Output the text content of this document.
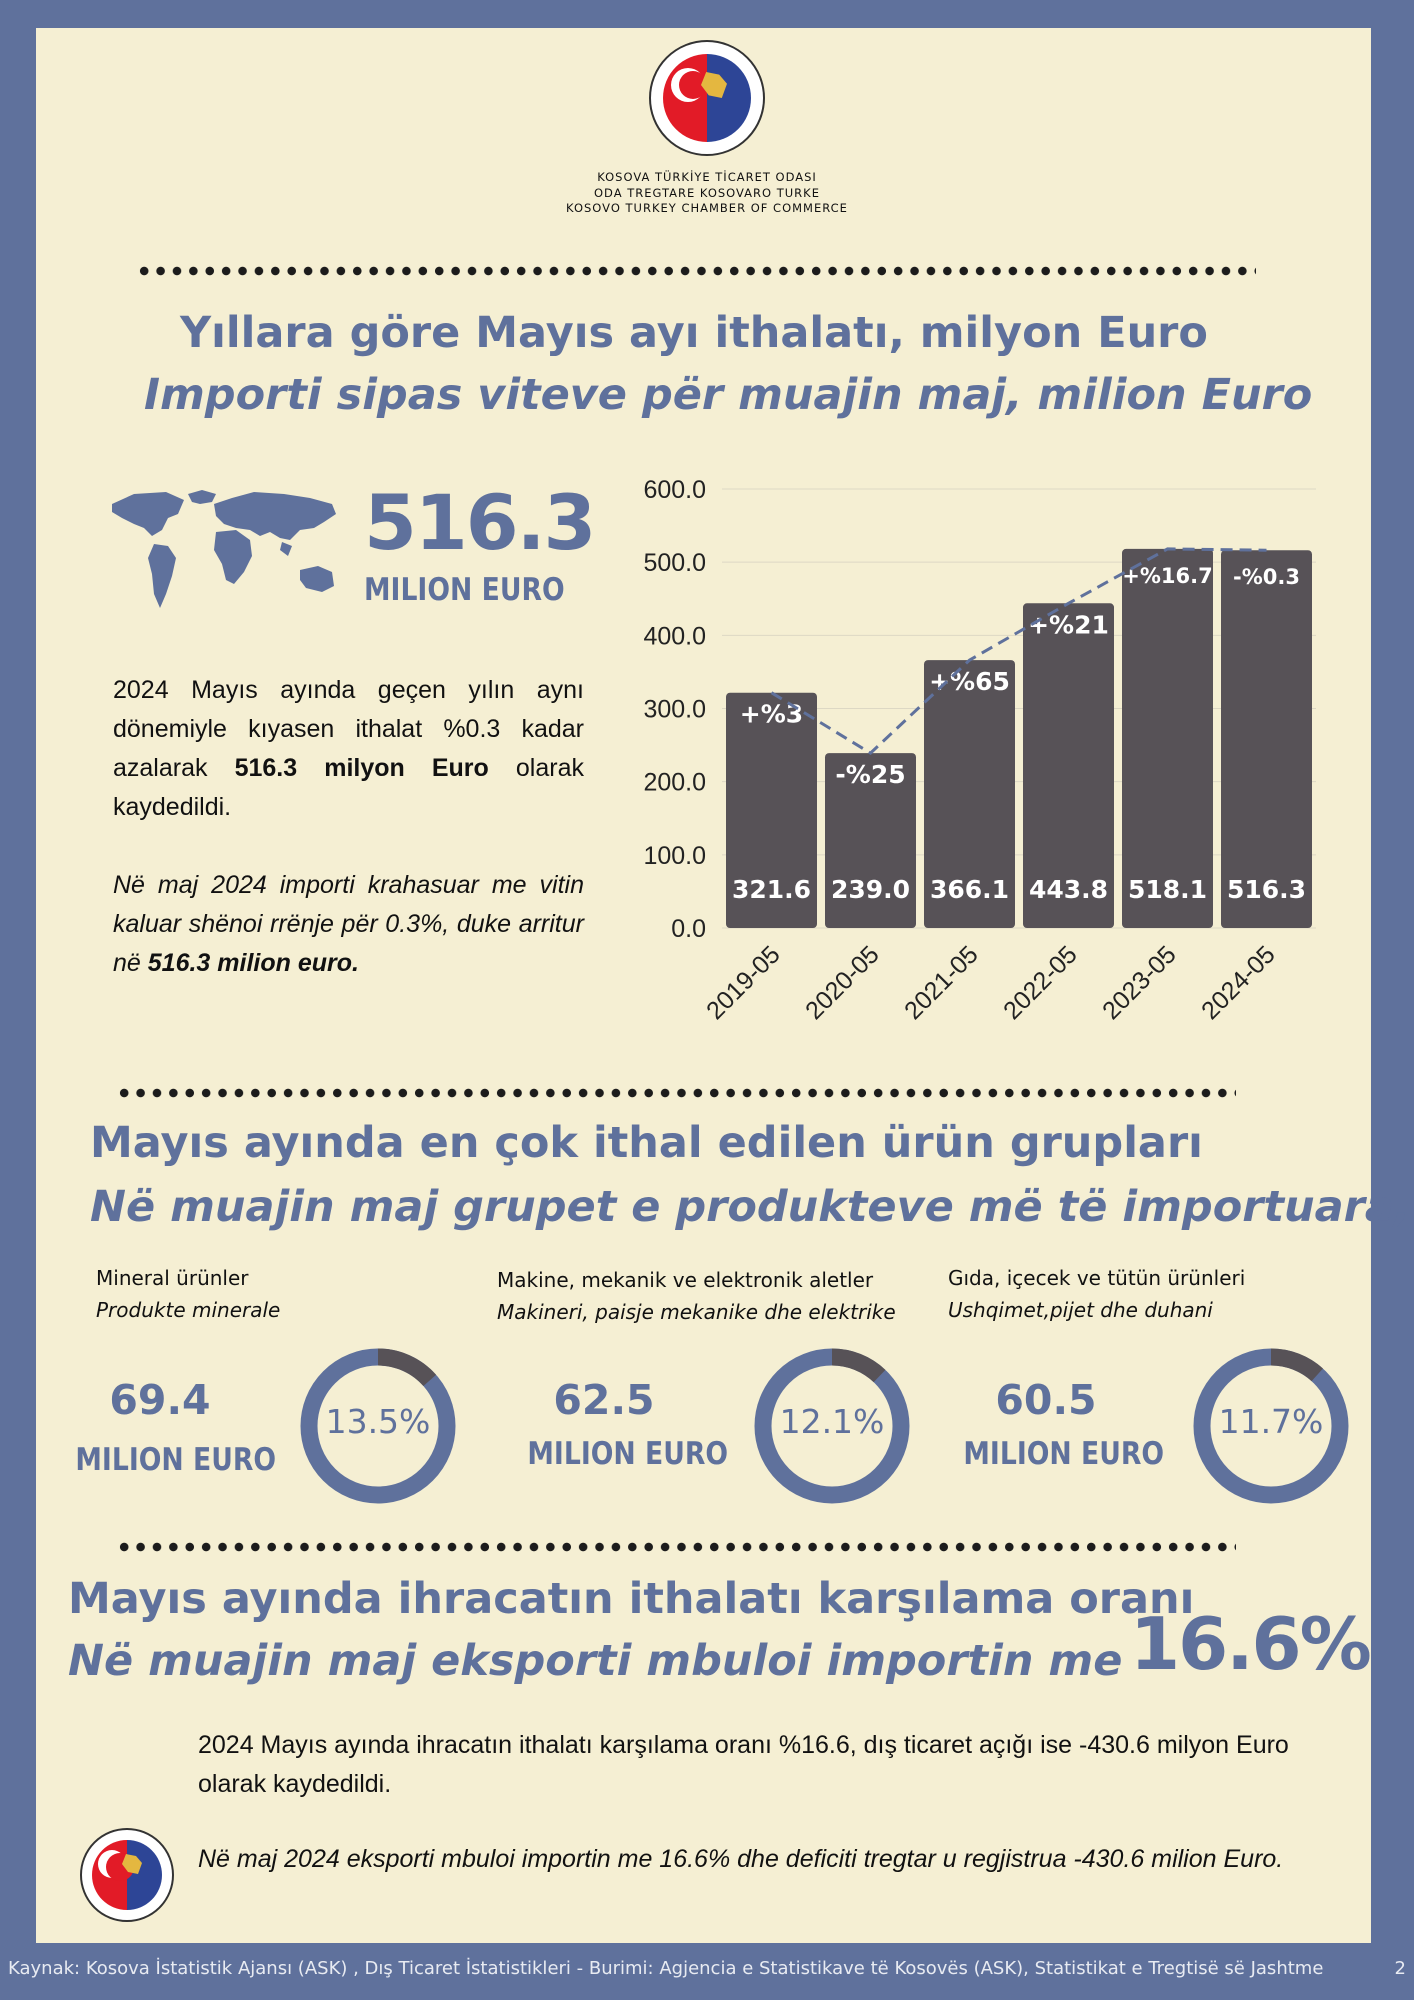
KOSOVA TÜRKİYE TİCARET ODASI
ODA TREGTARE KOSOVARO TURKE
KOSOVO TURKEY CHAMBER OF COMMERCE
Yıllara göre Mayıs ayı ithalatı, milyon Euro
Importi sipas viteve për muajin maj, milion Euro
516.3
MILION EURO
2024 Mayıs ayında geçen yılın aynı dönemiyle kıyasen ithalat %0.3 kadar azalarak 516.3 milyon Euro olarak kaydedildi.
Në maj 2024 importi krahasuar me vitin kaluar shënoi rrënje për 0.3%, duke arritur në 516.3 milion euro.
0.0
100.0
200.0
300.0
400.0
500.0
600.0
321.6
+%3
2019-05
239.0
-%25
2020-05
366.1
+%65
2021-05
443.8
+%21
2022-05
518.1
+%16.7
2023-05
516.3
-%0.3
2024-05
Mayıs ayında en çok ithal edilen ürün grupları
Në muajin maj grupet e produkteve më të importuara,
Mineral ürünler
Produkte minerale
Makine, mekanik ve elektronik aletler
Makineri, paisje mekanike dhe elektrike
Gıda, içecek ve tütün ürünleri
Ushqimet,pijet dhe duhani
69.4
MILION EURO
62.5
MILION EURO
60.5
MILION EURO
13.5%	12.1%	11.7%
Mayıs ayında ihracatın ithalatı karşılama oranı
Në muajin maj eksporti mbuloi importin me 16.6%
2024 Mayıs ayında ihracatın ithalatı karşılama oranı %16.6, dış ticaret açığı ise -430.6 milyon Euro olarak kaydedildi.
Në maj 2024 eksporti mbuloi importin me 16.6% dhe deficiti tregtar u regjistrua -430.6 milion Euro.
Kaynak: Kosova İstatistik Ajansı (ASK) , Dış Ticaret İstatistikleri - Burimi: Agjencia e Statistikave të Kosovës (ASK), Statistikat e Tregtisë së Jashtme	2
